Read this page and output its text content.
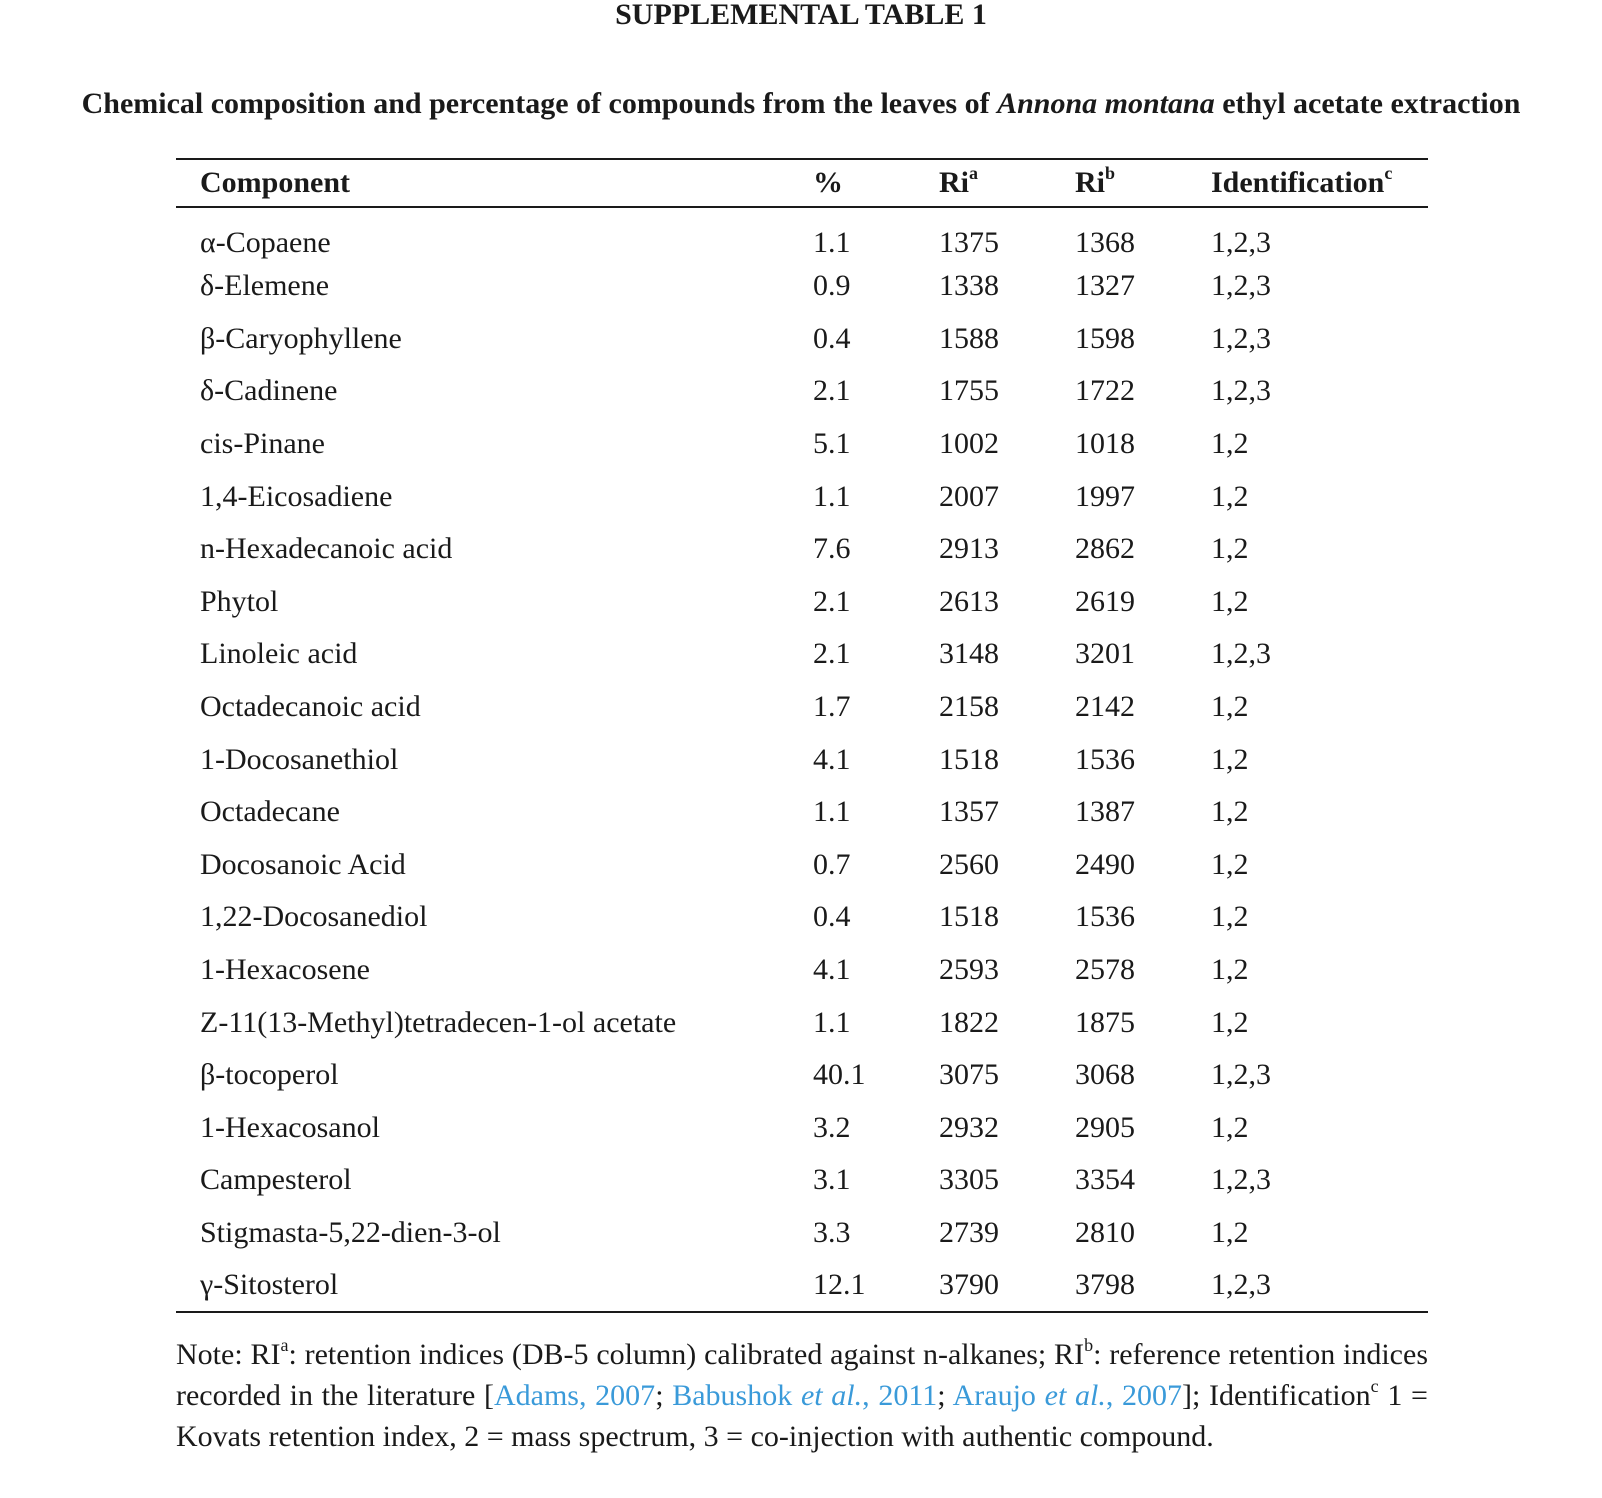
SUPPLEMENTAL TABLE 1
Chemical composition and percentage of compounds from the leaves of Annona montana ethyl acetate extraction
Component	%	Ri$^a$	Ri$^b$	Identification$^c$
α-Copaene	1.1	1375	1368	1,2,3
δ-Elemene	0.9	1338	1327	1,2,3
β-Caryophyllene	0.4	1588	1598	1,2,3
δ-Cadinene	2.1	1755	1722	1,2,3
cis-Pinane	5.1	1002	1018	1,2
1,4-Eicosadiene	1.1	2007	1997	1,2
n-Hexadecanoic acid	7.6	2913	2862	1,2
Phytol	2.1	2613	2619	1,2
Linoleic acid	2.1	3148	3201	1,2,3
Octadecanoic acid	1.7	2158	2142	1,2
1-Docosanethiol	4.1	1518	1536	1,2
Octadecane	1.1	1357	1387	1,2
Docosanoic Acid	0.7	2560	2490	1,2
1,22-Docosanediol	0.4	1518	1536	1,2
1-Hexacosene	4.1	2593	2578	1,2
Z-11(13-Methyl)tetradecen-1-ol acetate	1.1	1822	1875	1,2
β-tocoperol	40.1	3075	3068	1,2,3
1-Hexacosanol	3.2	2932	2905	1,2
Campesterol	3.1	3305	3354	1,2,3
Stigmasta-5,22-dien-3-ol	3.3	2739	2810	1,2
γ-Sitosterol	12.1	3790	3798	1,2,3
Note: $RI^a$: retention indices (DB-5 column) calibrated against n-alkanes; $RI^b$: reference retention indices recorded in the literature [Adams, 2007; Babushok et al., 2011; Araujo et al., 2007]; Identification$^c$ 1 = Kovats retention index, 2 = mass spectrum, 3 = co-injection with authentic compound.
